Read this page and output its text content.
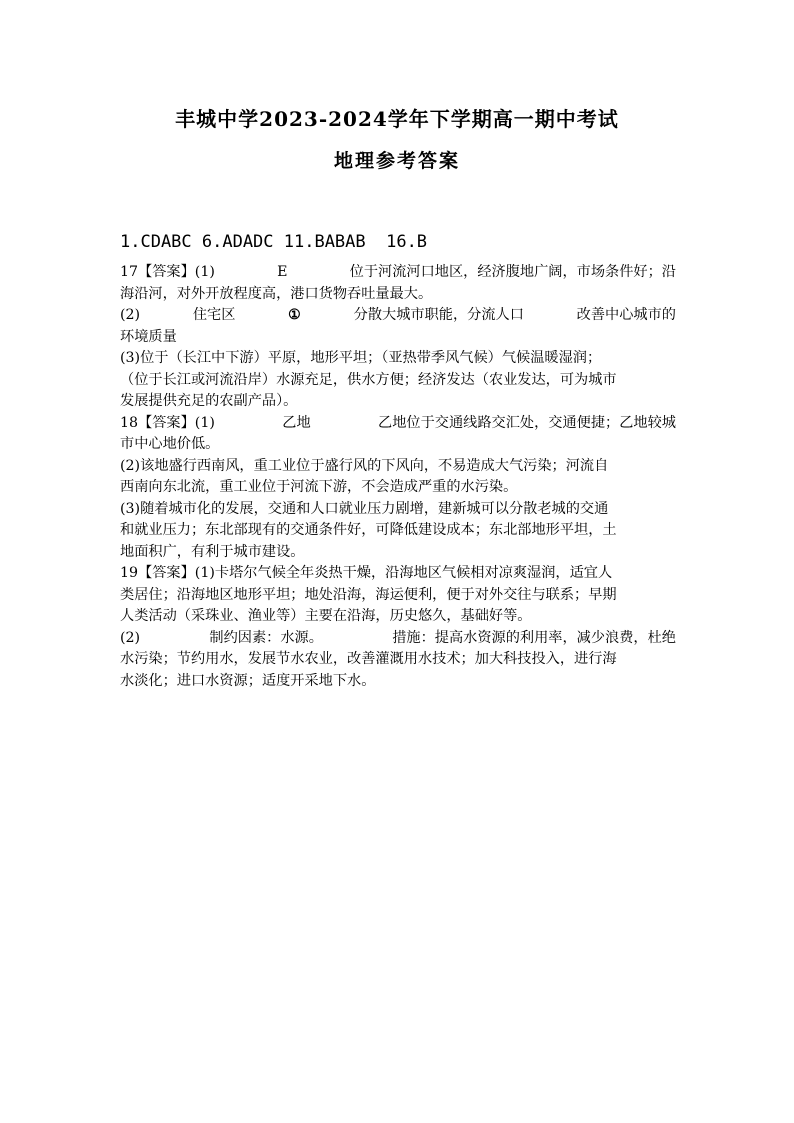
丰城中学2023-2024学年下学期高一期中考试
地理参考答案
1.CDABC 6.ADADC 11.BABAB  16.B
17【答案】(1)	E	位于河流河口地区，经济腹地广阔，市场条件好；沿
海沿河，对外开放程度高，港口货物吞吐量最大。
(2)	住宅区	①	分散大城市职能，分流人口	改善中心城市的
环境质量
(3)位于（长江中下游）平原，地形平坦；（亚热带季风气候）气候温暖湿润；
（位于长江或河流沿岸）水源充足，供水方便；经济发达（农业发达，可为城市
发展提供充足的农副产品）。
18【答案】(1)	乙地	乙地位于交通线路交汇处，交通便捷；乙地较城
市中心地价低。
(2)该地盛行西南风，重工业位于盛行风的下风向，不易造成大气污染；河流自
西南向东北流，重工业位于河流下游，不会造成严重的水污染。
(3)随着城市化的发展，交通和人口就业压力剧增，建新城可以分散老城的交通
和就业压力；东北部现有的交通条件好，可降低建设成本；东北部地形平坦，土
地面积广，有利于城市建设。
19【答案】(1)卡塔尔气候全年炎热干燥，沿海地区气候相对凉爽湿润，适宜人
类居住；沿海地区地形平坦；地处沿海，海运便利，便于对外交往与联系；早期
人类活动（采珠业、渔业等）主要在沿海，历史悠久，基础好等。
(2)	制约因素：水源。	措施：提高水资源的利用率，减少浪费，杜绝
水污染；节约用水，发展节水农业，改善灌溉用水技术；加大科技投入，进行海
水淡化；进口水资源；适度开采地下水。
